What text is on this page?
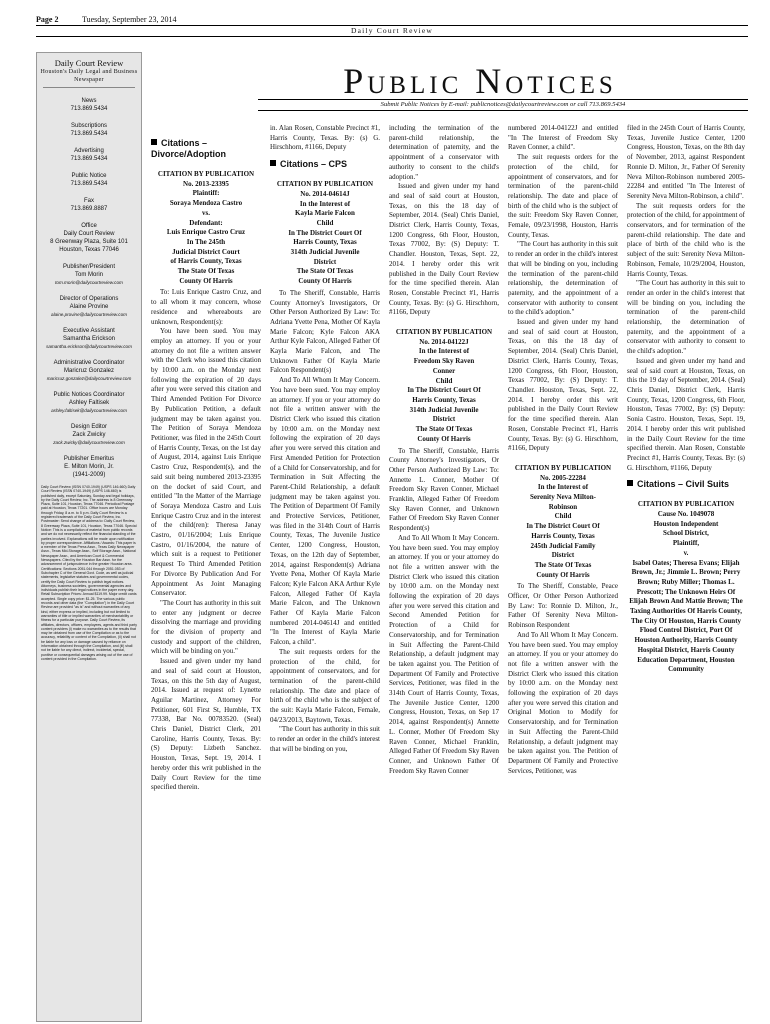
Page 2	Tuesday, September 23, 2014
Daily Court Review
Daily Court Review
Houston's Daily Legal and Business Newspaper
News
713.869.5434
Subscriptions
713.869.5434
Advertising
713.869.5434
Public Notice
713.869.5434
Fax
713.869.8887
Office
Daily Court Review
8 Greenway Plaza, Suite 101
Houston, Texas 77046
Publisher/President
Tom Morin
tom.morin@dailycourtreview.com
Director of Operations
Alaine Provine
alaine.provine@dailycourtreview.com
Executive Assistant
Samantha Erickson
samantha.erickson@dailycourtreview.com
Administrative Coordinator
Maricruz Gonzalez
maricruz.gonzalez@dailycourtreview.com
Public Notices Coordinator
Ashley Faltisek
ashley.faltisek@dailycourtreview.com
Design Editor
Zack Zwicky
zack.zwicky@dailycourtreview.com
Publisher Emeritus
E. Milton Morin, Jr.
(1941-2009)
Daily Court Review (ISSN 0740-1949) (USPS 146-660) Daily Court Review (ISSN 0740-1949) (USPS 146-660) is published daily, except Saturday, Sunday and legal holidays, by the Daily Court Review, Inc. The address is 8 Greenway Plaza, Suite 101, Houston, Texas 77046. Periodical Postage paid at Houston, Texas 77201. Office hours are Monday through Friday, 8 a.m. to 5 p.m. Daily Court Review is a registered trademark of the Daily Court Review, Inc. Postmaster: Send change of address to: Daily Court Review, 8 Greenway Plaza, Suite 101, Houston, Texas 77046. Special Notice: This is a compilation of material from public records and we do not necessarily reflect the financial standing of the parties involved. Explanations will be made upon notification by proper correspondence. Affiliations / Awards: This paper is a member of the Texas Press Assn., Texas Daily Newspaper Assn., Texas Mid-Storage Assn., Self Storage Assn., National Newspaper Assn., and American Court & Commercial Newspapers. Cited by the Houston Bar Assn. for the advancement of jurisprudence in the greater Houston area. Certifications: Sections 2051.044 through 2051.053 of Subchapter C of the General Govt. Code, as well as judicial statements, legislative statutes and governmental codes, certify the Daily Court Review to publish legal notices. Attorneys, business societies, governmental agencies and individuals publish their legal notices in the paper every day. Retail Subscription Prices: Annual $119.99. Major credit cards accepted. Single copy price: $1.25. The various public records and other data (the "Compilation") in the Daily Court Review are provided "as is" and without warranties of any kind, either express or implied, including but not limited to warranties of title or implied warranties of merchantability or fitness for a particular purpose. Daily Court Review, its affiliates, directors, officers, employees, agents and third party content providers (i) make no warranties as to the results that may be obtained from use of the Compilation or as to the accuracy, reliability or content of the Compilation, (ii) shall not be liable for any loss or damage caused by reliance on information obtained through the Compilation, and (iii) shall not be liable for any direct, indirect, incidental, special, punitive or consequential damages arising out of the use of content provided in the Compilation.
Public Notices
Submit Public Notices by E-mail: publicnotices@dailycourtreview.com or call 713.869.5434
Citations – Divorce/Adoption
CITATION BY PUBLICATION
No. 2013-23395
Plaintiff:
Soraya Mendoza Castro
vs.
Defendant:
Luis Enrique Castro Cruz
In The 245th
Judicial District Court
of Harris County, Texas
The State Of Texas
County Of Harris

To: Luis Enrique Castro Cruz, and to all whom it may concern, whose residence and whereabouts are unknown, Respondent(s):

You have been sued. You may employ an attorney. If you or your attorney do not file a written answer with the Clerk who issued this citation by 10:00 a.m. on the Monday next following the expiration of 20 days after you were served this citation and Third Amended Petition For Divorce By Publication Petition, a default judgment may be taken against you. The Petition of Soraya Mendoza Petitioner, was filed in the 245th Court of Harris County, Texas, on the 1st day of August, 2014, against Luis Enrique Castro Cruz, Respondent(s), and the said suit being numbered 2013-23395 on the docket of said Court, and entitled "In the Matter of the Marriage of Soraya Mendoza Castro and Luis Enrique Castro Cruz and in the interest of the child(ren): Theresa Janay Castro, 01/16/2004; Luis Enrique Castro, 01/16/2004, the nature of which suit is a request to Petitioner Request To Third Amended Petition For Divorce By Publication And For Appointment As Joint Managing Conservator.

"The Court has authority in this suit to enter any judgment or decree dissolving the marriage and providing for the division of property and custody and support of the children, which will be binding on you."

Issued and given under my hand and seal of said court at Houston, Texas, on this the 5th day of August, 2014. Issued at request of: Lynette Aguilar Martinez, Attorney For Petitioner, 601 First St, Humble, TX 77338, Bar No. 00783520. (Seal) Chris Daniel, District Clerk, 201 Caroline, Harris County, Texas. By: (S) Deputy: Lizbeth Sanchez. Houston, Texas, Sept. 19, 2014. I hereby order this writ published in the Daily Court Review for the time specified therein.

in. Alan Rosen, Constable Precinct #1, Harris County, Texas. By: (s) G. Hirschhorn, #1166, Deputy

Citations – CPS
CITATION BY PUBLICATION
No. 2014-04614J
In the Interest of
Kayla Marie Falcon
Child
In The District Court Of
Harris County, Texas
314th Judicial Juvenile
District
The State Of Texas
County Of Harris

To The Sheriff, Constable, Harris County Attorney's Investigators, Or Other Person Authorized By Law: To: Adriana Yvette Pena, Mother Of Kayla Marie Falcon; Kyle Falcon AKA Arthur Kyle Falcon, Alleged Father Of Kayla Marie Falcon, and The Unknown Father Of Kayla Marie Falcon Respondent(s)

And To All Whom It May Concern. You have been sued. You may employ an attorney. If you or your attorney do not file a written answer with the District Clerk who issued this citation by 10:00 a.m. on the Monday next following the expiration of 20 days after you were served this citation and First Amended Petition for Protection of a Child for Conservatorship, and for Termination in Suit Affecting the Parent-Child Relationship, a default judgment may be taken against you. The Petition of Department Of Family and Protective Services, Petitioner, was filed in the 314th Court of Harris County, Texas, The Juvenile Justice Center, 1200 Congress, Houston, Texas, on the 12th day of September, 2014, against Respondent(s) Adriana Yvette Pena, Mother Of Kayla Marie Falcon; Kyle Falcon AKA Arthur Kyle Falcon, Alleged Father Of Kayla Marie Falcon, and The Unknown Father Of Kayla Marie Falcon numbered 2014-04614J and entitled "In The Interest of Kayla Marie Falcon, a child".

The suit requests orders for the protection of the child, for appointment of conservators, and for termination of the parent-child relationship. The date and place of birth of the child who is the subject of the suit: Kayla Marie Falcon, Female, 04/23/2013, Baytown, Texas.

"The Court has authority in this suit to render an order in the child's interest that will be binding on you,

including the termination of the parent-child relationship, the determination of paternity, and the appointment of a conservator with authority to consent to the child's adoption."

Issued and given under my hand and seal of said court at Houston, Texas, on this the 18 day of September, 2014. (Seal) Chris Daniel, District Clerk, Harris County, Texas, 1200 Congress, 6th Floor, Houston, Texas 77002, By: (S) Deputy: T. Chandler. Houston, Texas, Sept. 22, 2014. I hereby order this writ published in the Daily Court Review for the time specified therein. Alan Rosen, Constable Precinct #1, Harris County, Texas. By: (s) G. Hirschhorn, #1166, Deputy

CITATION BY PUBLICATION
No. 2014-04122J
In the Interest of
Freedom Sky Raven
Conner
Child
In The District Court Of
Harris County, Texas
314th Judicial Juvenile
District
The State Of Texas
County Of Harris

To The Sheriff, Constable, Harris County Attorney's Investigators, Or Other Person Authorized By Law: To: Annette L. Conner, Mother Of Freedom Sky Raven Conner, Michael Franklin, Alleged Father Of Freedom Sky Raven Conner, and Unknown Father Of Freedom Sky Raven Conner Respondent(s)

And To All Whom It May Concern. You have been sued. You may employ an attorney. If you or your attorney do not file a written answer with the District Clerk who issued this citation by 10:00 a.m. on the Monday next following the expiration of 20 days after you were served this citation and Second Amended Petition for Protection of a Child for Conservatorship, and for Termination in Suit Affecting the Parent-Child Relationship, a default judgment may be taken against you. The Petition of Department Of Family and Protective Services, Petitioner, was filed in the 314th Court of Harris County, Texas, The Juvenile Justice Center, 1200 Congress, Houston, Texas, on Sep 17 2014, against Respondent(s) Annette L. Conner, Mother Of Freedom Sky Raven Conner, Michael Franklin, Alleged Father Of Freedom Sky Raven Conner, and Unknown Father Of Freedom Sky Raven Conner

numbered 2014-04122J and entitled "In The Interest of Freedom Sky Raven Conner, a child".

The suit requests orders for the protection of the child, for appointment of conservators, and for termination of the parent-child relationship. The date and place of birth of the child who is the subject of the suit: Freedom Sky Raven Conner, Female, 09/23/1998, Houston, Harris County, Texas.

"The Court has authority in this suit to render an order in the child's interest that will be binding on you, including the termination of the parent-child relationship, the determination of paternity, and the appointment of a conservator with authority to consent to the child's adoption."

Issued and given under my hand and seal of said court at Houston, Texas, on this the 18 day of September, 2014. (Seal) Chris Daniel, District Clerk, Harris County, Texas, 1200 Congress, 6th Floor, Houston, Texas 77002, By: (S) Deputy: T. Chandler. Houston, Texas, Sept. 22, 2014. I hereby order this writ published in the Daily Court Review for the time specified therein. Alan Rosen, Constable Precinct #1, Harris County, Texas. By: (s) G. Hirschhorn, #1166, Deputy

CITATION BY PUBLICATION
No. 2005-22284
In the Interest of
Serenity Neva Milton-
Robinson
Child
In The District Court Of
Harris County, Texas
245th Judicial Family
District
The State Of Texas
County Of Harris

To The Sheriff, Constable, Peace Officer, Or Other Person Authorized By Law: To: Ronnie D. Milton, Jr., Father Of Serenity Neva Milton-Robinson Respondent

And To All Whom It May Concern. You have been sued. You may employ an attorney. If you or your attorney do not file a written answer with the District Clerk who issued this citation by 10:00 a.m. on the Monday next following the expiration of 20 days after you were served this citation and Original Motion to Modify for Conservatorship, and for Termination in Suit Affecting the Parent-Child Relationship, a default judgment may be taken against you. The Petition of Department Of Family and Protective Services, Petitioner, was

filed in the 245th Court of Harris County, Texas, Juvenile Justice Center, 1200 Congress, Houston, Texas, on the 8th day of November, 2013, against Respondent Ronnie D. Milton, Jr., Father Of Serenity Neva Milton-Robinson numbered 2005-22284 and entitled "In The Interest of Serenity Neva Milton-Robinson, a child".

The suit requests orders for the protection of the child, for appointment of conservators, and for termination of the parent-child relationship. The date and place of birth of the child who is the subject of the suit: Serenity Neva Milton-Robinson, Female, 10/29/2004, Houston, Harris County, Texas.

"The Court has authority in this suit to render an order in the child's interest that will be binding on you, including the termination of the parent-child relationship, the determination of paternity, and the appointment of a conservator with authority to consent to the child's adoption."

Issued and given under my hand and seal of said court at Houston, Texas, on this the 19 day of September, 2014. (Seal) Chris Daniel, District Clerk, Harris County, Texas, 1200 Congress, 6th Floor, Houston, Texas 77002, By: (S) Deputy: Sonia Castro. Houston, Texas, Sept. 19, 2014. I hereby order this writ published in the Daily Court Review for the time specified therein. Alan Rosen, Constable Precinct #1, Harris County, Texas. By: (s) G. Hirschhorn, #1166, Deputy

Citations – Civil Suits
CITATION BY PUBLICATION
Cause No. 1049078
Houston Independent
School District,
Plaintiff,
v.
Isabel Oates; Theresa Evans; Elijah Brown, Jr.; Jimmie L. Brown; Perry Brown; Ruby Miller; Thomas L. Prescott; The Unknown Heirs Of Elijah Brown And Mattie Brown; The Taxing Authorities Of Harris County, The City Of Houston, Harris County Flood Control District, Port Of Houston Authority, Harris County Hospital District, Harris County Education Department, Houston Community
